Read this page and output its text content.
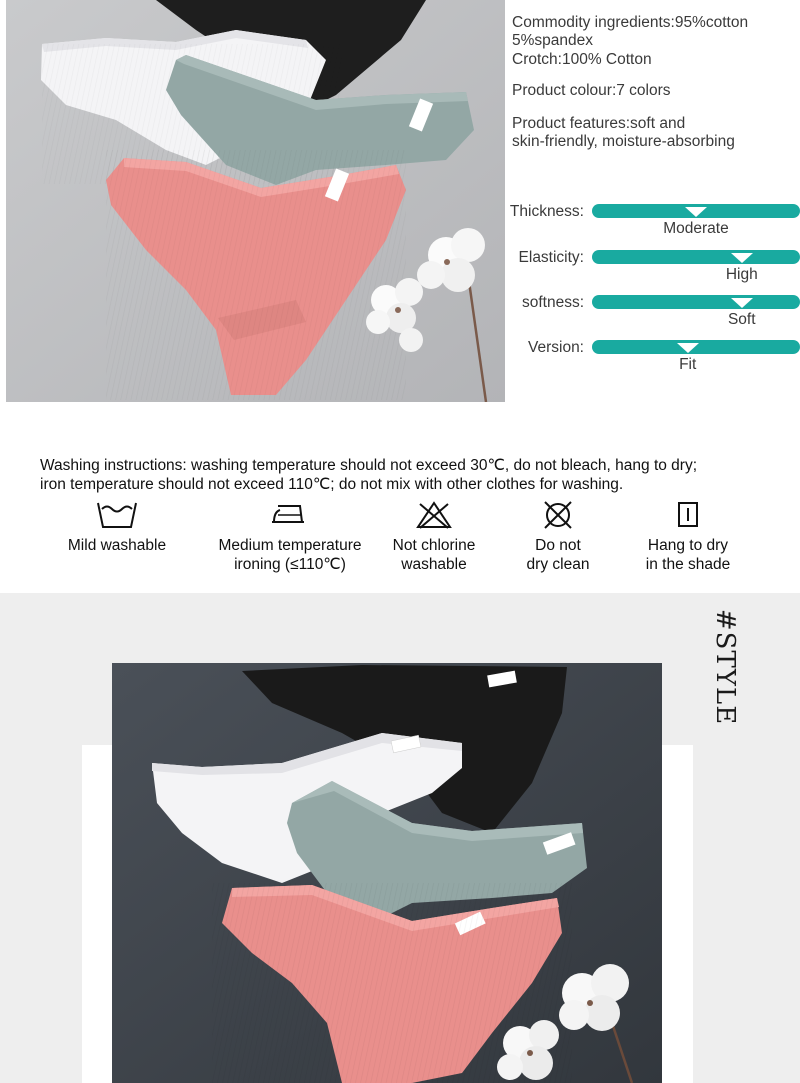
Commodity ingredients:95%cotton
5%spandex
Crotch:100% Cotton
Product colour:7 colors
Product features:soft and
skin-friendly, moisture-absorbing
Thickness:
Moderate
Elasticity:
High
softness:
Soft
Version:
Fit
Washing instructions: washing temperature should not exceed 30℃, do not bleach, hang to dry;
iron temperature should not exceed 110℃; do not mix with other clothes for washing.
Mild washable	Medium temperature
ironing (≤110℃)
Not chlorine
washable
Do not
dry clean
Hang to dry
in the shade
#STYLE
